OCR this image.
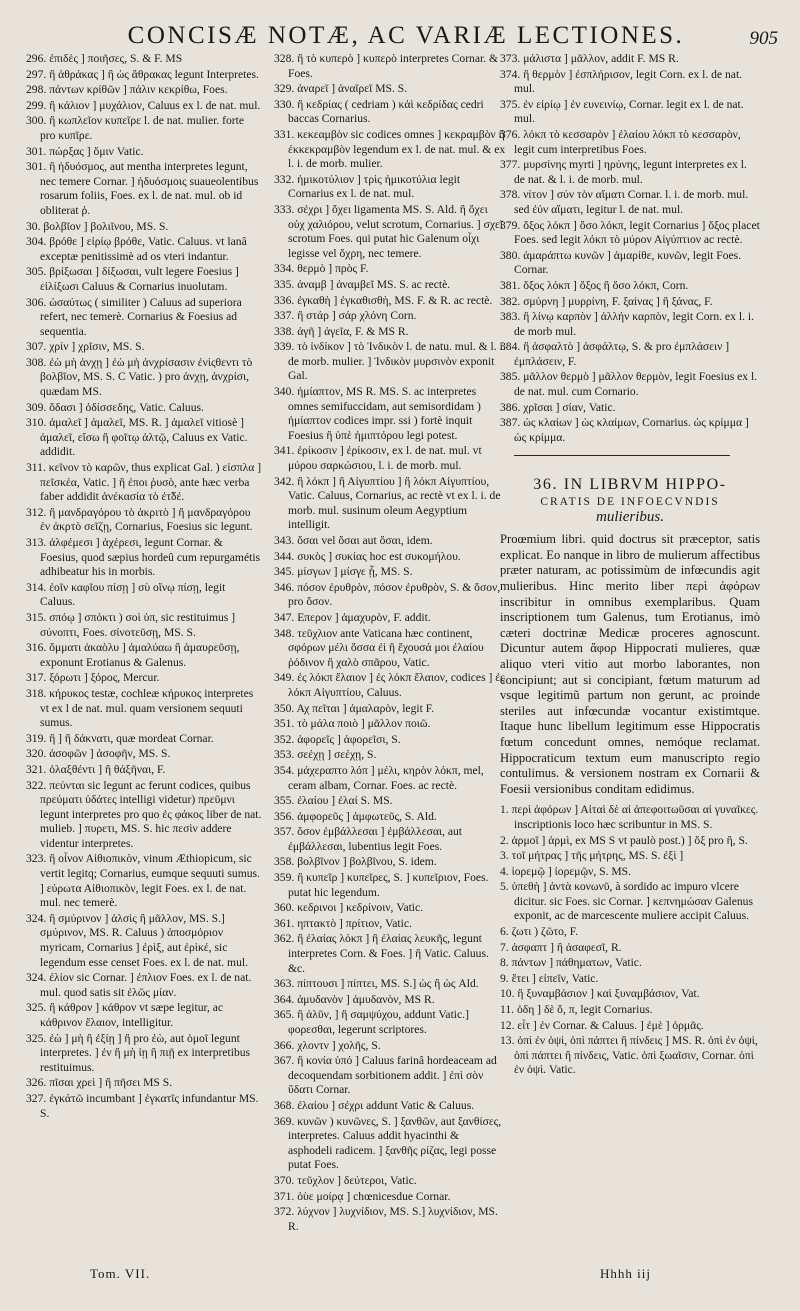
CONCISÆ NOTÆ, AC VARIÆ LECTIONES.	905

296. ἐπιδὲς ] ποιῆσες, S. & F. MS

297. ἢ ἀθράκας ] ἢ ὡς ἄθρακας legunt Interpretes.

298. πάντων κρίθῶν ] πάλιν κεκρίθω, Foes.

299. ἢ κάλιον ] μυχάλιον, Caluus ex l. de nat. mul.

300. ἢ κωπλεῖον κυπεῖρε l. de nat. mulier. forte pro κυπῖρε.

301. πώρξας ] ὄμιν Vatic.

301. ἢ ἡδυόσμος, aut mentha interpretes legunt, nec temere Cornar. ] ἡδυόσμοις suaueolentibus rosarum foliis, Foes. ex l. de nat. mul. ob id obliterat ῥ.

30. βολβῖον ] βολιῖνου, MS. S.

304. βρόθε ] εἰρίῳ βρόθε, Vatic. Caluus. vt lanâ exceptæ penitissimè ad os vteri indantur.

305. βρίξωσαι ] δίξωσαι, vult legere Foesius ] εἰλίξωσι Caluus & Cornarius inuolutam.

306. ὡσαύτως ( similiter ) Caluus ad superiora refert, nec temerè. Cornarius & Foesius ad sequentia.

307. χρίν ] χρῖσιν, MS. S.

308. ἐὼ μὴ ἀνχῃ ] ἐὼ μὴ ἀνχρίσασιν ἐνὶςθεντι τὸ βολβῖον, MS. S. C Vatic. ) pro ἀνχῃ, ἀνχρίσι, quædam MS.

309. ὅδασι ] ὀδίσσεδης, Vatic. Caluus.

310. ἀμαλεῖ ] ἀμαλεῖ, MS. R. ] ἀμαλεῖ vitiosè ] ἀμαλεῖ, εἴσω ἢ φοῖτῳ ἀλτῷ, Caluus ex Vatic. addidit.

311. κεῖνον τὸ καρῶν, thus explicat Gal. ) εἰσπλα ] πεῖσκέα, Vatic. ] ἢ ἐποι ῥυσὸ, ante hæc verba faber addidit ἀνέκασία τὸ ἐτ̃δέ.

312. ἢ μανδραγόρου τὸ ἀκριτὸ ] ἢ μανδραγόρου ἐν ἀκρτὸ σεῖζῃ, Cornarius, Foesius sic legunt.

313. ἀλφέμεσι ] ἀχέρεσι, legunt Cornar. & Foesius, quod sæpius hordeû cum repurgamétis adhibeatur his in morbis.

314. ἐοῖν καφῖου πίσῃ ] σὺ οἴνῳ πίσῃ, legit Caluus.

315. σπόῳ ] σπόκτι ) σοὶ ὑπ, sic restituimus ] σύνοπτι, Foes. σίνοτεῦσῃ, MS. S.

316. ὄμματι ἀκαὸλυ ] ἀμαλύαω ἢ ἀμαυρεῦσῃ, exponunt Erotianus & Galenus.

317. ξόρωτι ] ξόρος, Mercur.

318. κήρυκος testæ, cochleæ κήρυκος interpretes vt ex l de nat. mul. quam versionem sequuti sumus.

319. ἢ ] ἢ δάκνατι, quæ mordeat Cornar.

320. ἀσοφῶν ] ἀσοφῆν, MS. S.

321. ὀλαξθέντι ] ἢ θάξῆναι, F.

322. πεύνται sic legunt ac ferunt codices, quibus πρεύματι ὑδάτες intelligi videtur) πρεῦμνι legunt interpretes pro quo ἐς φάκος liber de nat. mulieb. ] πυρετι, MS. S. hic πεσὶν addere videntur interpretes.

323. ἢ οἶνον Αἰθιοπικὸν, vinum Æthiopicum, sic vertit legitq; Cornarius, eumque sequuti sumus. ] εὐρωτα Αἰθιοπικὸν, legit Foes. ex l. de nat. mul. nec temerè.

324. ἢ σμύρινον ] ἀλσὶς ἢ μᾶλλον, MS. S.] σμύρινον, MS. R. Caluus ) ἀποσμόριον myricam, Cornarius ] ἐρὶξ, aut ἐρὶκέ, sic legendum esse censet Foes. ex l. de nat. mul.

324. ἐλίον sic Cornar. ] ἐπλιον Foes. ex l. de nat. mul. quod satis sit ἐλῶς μίαν.

325. ἢ κάθρον ] κάθρον vt sæpe legitur, ac κάθρινον ἔλαιον, intelligitur.

325. ἐὼ ] μὴ ἢ ἐξίῃ ] ἢ pro ἐὼ, aut ὁμοῖ legunt interpretes. ] ἐν ἢ μὴ ἰῃ ἢ πιῇ ex interpretibus restituimus.

326. πῖσαι χρεὶ ] ἢ πῆσει MS S.

327. ἐγκάτῶ incumbant ] ἐγκατῖς infundantur MS. S.

328. ἢ τὸ κυπερὸ ] κυπερὸ interpretes Cornar. & Foes.

329. ἀναρεῖ ] ἀναῖρεῖ MS. S.

330. ἢ κεδρίας ( cedriam ) κἀὶ κεδρίδας cedri baccas Cornarius.

331. κεκεαμβὸν sic codices omnes ] κεκραμβὸν ἢ ἐκκεκραμβὸν legendum ex l. de nat. mul. & ex l. i. de morb. mulier.

332. ἠμικοτύλιον ] τρὶς ἡμικοτύλια legit Cornarius ex l. de nat. mul.

333. σέχρι ] ὄχει ligamenta MS. S. Ald. ἢ ὄχει οὐχ χαλιόρου, velut scrotum, Cornarius. ] σχεῖ scrotum Foes. qui putat hic Galenum οἶχι legisse vel ὄχρη, nec temere.

334. θερμὸ ] πρὸς F.

335. ἀναμβ ] ἀναμβεῖ MS. S. ac rectè.

336. ἐγκαθὴ ] ἐγκαθισθὴ, MS. F. & R. ac rectè.

337. ἢ στάρ ] σάρ χλόνη Corn.

338. ἀγῆ ] ἀγεῖα, F. & MS R.

339. τὸ ἰνδίκον ] τὸ Ἰνδικὸν l. de natu. mul. & l. i. de morb. mulier. ] Ἰνδικὸν μυρσινὸν exponit Gal.

340. ἠμίαπτον, MS R. MS. S. ac interpretes omnes semifuccidam, aut semisordidam ) ἠμίαπτον codices impr. ssi ) fortè inquit Foesius ἢ ὑπὲ ἡμιπτόρου legi potest.

341. ἐρίκοσιν ] ἐρίκοσιν, ex l. de nat. mul. vt μύρου σαρκώσιου, l. i. de morb. mul.

342. ἢ λόκπ ] ἢ Αἰγυπτίου ] ἢ λόκπ Αἰγυπτίου, Vatic. Caluus, Cornarius, ac rectè vt ex l. i. de morb. mul. susinum oleum Aegyptium intelligit.

343. ὄσαι vel ὄσαι aut ὅσαι, idem.

344. συκὸς ] συκίας hoc est συκομήλου.

345. μίσγων ] μίσγε ᾗ, MS. S.

346. πόσον ἐρυθρὸν, πόσον ἐρυθρὸν, S. & ὅσον, pro ὅσον.

347. Επερον ] ἀμαχυρὸν, F. addit.

348. τεῦχλιον ante Vaticana hæc continent, σφόρων μέλι ὅσσα ἐὶ ἢ ἔχουσά μοι ἐλαίου ῥόδινον ἢ χαλὸ σπᾶρου, Vatic.

349. ἐς λόκπ ἔλαιον ] ἐς λόκπ ἔλαιον, codices ] ἐς λόκπ Αἰγυπτίου, Caluus.

350. Αχ πεῖται ] ἀμαλαρὸν, legit F.

351. τὸ μάλα ποιὸ ] μᾶλλον ποιῶ.

352. ἀφορεῖς ] ἀφορεῖσι, S.

353. σεέχῃ ] σεέχῃ, S.

354. μάχεραπτο λόπ ] μέλι, κηρὸν λόκπ, mel, ceram albam, Cornar. Foes. ac rectè.

355. ἐλαίου ] ἐλαί S. MS.

356. ἀμφορεῦς ] ἀμφωτεῦς, S. Ald.

357. ὅσον ἐμβάλλεσαι ] ἐμβάλλεσαι, aut ἐμβάλλεσαι, lubentius legit Foes.

358. βολβῖνον ] βολβῖνου, S. idem.

359. ἢ κυπεῖρ ] κυπεῖρες, S. ] κυπεῖριον, Foes. putat hic legendum.

360. κεδρινοι ] κεδρίνοιν, Vatic.

361. ηπτακτὸ ] πρίτιον, Vatic.

362. ἢ ἐλαίας λόκπ ] ἢ ἐλαίας λευκῆς, legunt interpretes Corn. & Foes. ] ἢ Vatic. Caluus. &c.

363. πίπτουσι ] πίπτει, MS. S.] ὡς ἢ ὡς Ald.

364. ἀμυδανὸν ] ἀμυδανὸν, MS R.

365. ἢ ἀλῦν, ] ἢ σαμψύχου, addunt Vatic.] φορεσθαι, legerunt scriptores.

366. χλοντν ] χολῆς, S.

367. ἢ κονία ὑπό ] Caluus farinâ hordeaceam ad decoquendam sorbitionem addit. ] ἐπὶ σὸν ὕδατι Cornar.

368. ἐλαίου ] σέχρι addunt Vatic & Caluus.

369. κυνῶν ) κυνῶνες, S. ] ξανθῶν, aut ξανθίσες, interpretes. Caluus addit hyacinthi & asphodeli radicem. ] ξανθῆς ρίζας, legi posse putat Foes.

370. τεῦχλον ] δεύτεροι, Vatic.

371. ὀὺε μοίρᾳ ] chœnicesdue Cornar.

372. λύχνον ] λυχνίδιον, MS. S.] λυχνίδιον, MS. R.

373. μάλιστα ] μᾶλλον, addit F. MS R.

374. ἢ θερμὸν ] ἐσπλήρισον, legit Corn. ex l. de nat. mul.

375. ἐν εἰρίῳ ] ἐν ευνεινίῳ, Cornar. legit ex l. de nat. mul.

376. λόκπ τὸ κεσσαρὸν ] ἐλαίου λόκπ τὸ κεσσαρὸν, legit cum interpretibus Foes.

377. μυρσίνης myrti ] ηρύνης, legunt interpretes ex l. de nat. & l. i. de morb. mul.

378. νίτον ] σύν τὸν αἵματι Cornar. l. i. de morb. mul. sed ἐὐν αἵματι, legitur l. de nat. mul.

379. ὄξος λόκπ ] ὅσο λόκπ, legit Cornarius ] ὄξος placet Foes. sed legit λόκπ τὸ μύρον Αἰγύπτιον ac rectè.

380. ἀμαράπτω κυνῶν ] ἀμαρίθε, κυνῶν, legit Foes. Cornar.

381. ὄξος λόκπ ] ὄξος ἢ ὅσο λόκπ, Corn.

382. σμύρνη ] μυρρίνη, F. ξαίνας ] ἢ ξάνας, F.

383. ἢ λίνῳ καρπὸν ] ἀλλήν καρπὸν, legit Corn. ex l. i. de morb mul.

384. ἢ ἀσφαλτὸ ] ἀσφάλτῳ, S. & pro ἐμπλάσειν ] ἐμπλάσειν, F.

385. μᾶλλον θερμὸ ] μᾶλλον θερμὸν, legit Foesius ex l. de nat. mul. cum Cornario.

386. χρῖσαι ] σίαν, Vatic.

387. ὡς κλαίων ] ὡς κλαίμων, Cornarius. ὡς κρίμμα ] ὡς κρίμμα.

36. IN LIBRVM HIPPO-

CRATIS DE INFOECVNDIS

mulieribus.

Proœmium libri. quid doctrus sit præceptor, satis explicat. Eo nanque in libro de mulierum affectibus præter naturam, ac potissimùm de infœcundis agit mulieribus. Hinc merito liber περὶ ἀφόρων inscribitur in omnibus exemplaribus. Quam inscriptionem tum Galenus, tum Erotianus, imò cæteri doctrinæ Medicæ proceres agnoscunt. Dicuntur autem ἄφορ Hippocrati mulieres, quæ aliquo vteri vitio aut morbo laborantes, non concipiunt; aut si concipiant, fœtum maturum ad vsque legitimũ partum non gerunt, ac proinde steriles aut infœcundæ vocantur existimtque. Itaque hunc libellum legitimum esse Hippocratis fœtum concedunt omnes, nemóque reclamat. Hippocraticum textum eum manuscripto regio contulimus. & versionem nostram ex Cornarii & Foesii versionibus conditam edidimus.

1. περὶ ἀφόρων ] Αἰταὶ δὲ αἱ ἀπεφοιτωῦσαι αἱ γυναῖκες. inscriptionis loco hæc scribuntur in MS. S.

2. ἀρμοῖ ] ἁρμὶ, ex MS S vt paulò post.) ] ὅξ pro ἢ, S.

3. τοῖ μήτρας ] τῆς μήτρης, MS. S. ἐξὶ ]

4. ἰορεμῷ ] ἰορεμῷν, S. MS.

5. ὑπεθὴ ] ἀντὰ κονωνῦ, à sordido ac impuro vlcere dicitur. sic Foes. sic Cornar. ] κεπνημώσαν Galenus exponit, ac de marcescente muliere accipit Caluus.

6. ζωτι ) ζῶτο, F.

7. ἀσφαπτ ] ἢ ἀσαφεσῖ, R.

8. πάντων ] πάθηματων, Vatic.

9. ἔτει ] εἰπεῖν, Vatic.

10. ἢ ξυναμβάσιον ] καὶ ξυναμβάσιον, Vat.

11. ὁδη ] δὲ ὅ, π, legit Cornarius.

12. εἶτ ] ἐν Cornar. & Caluus. ] ἐμὲ ] ὁρμᾶς.

13. ὁπὶ ἐν ὀψὶ, ὁπὶ πάπτει ἢ πίνδεις ] MS. R. ὁπὶ ἐν ὀψὶ, ὁπὶ πάπτει ἢ πίνδεις, Vatic. ὁπὶ ξωαῖσιν, Cornar. ὁπὶ ἐν ὀψὶ. Vatic.

Tom. VII.	Hhhh iij
